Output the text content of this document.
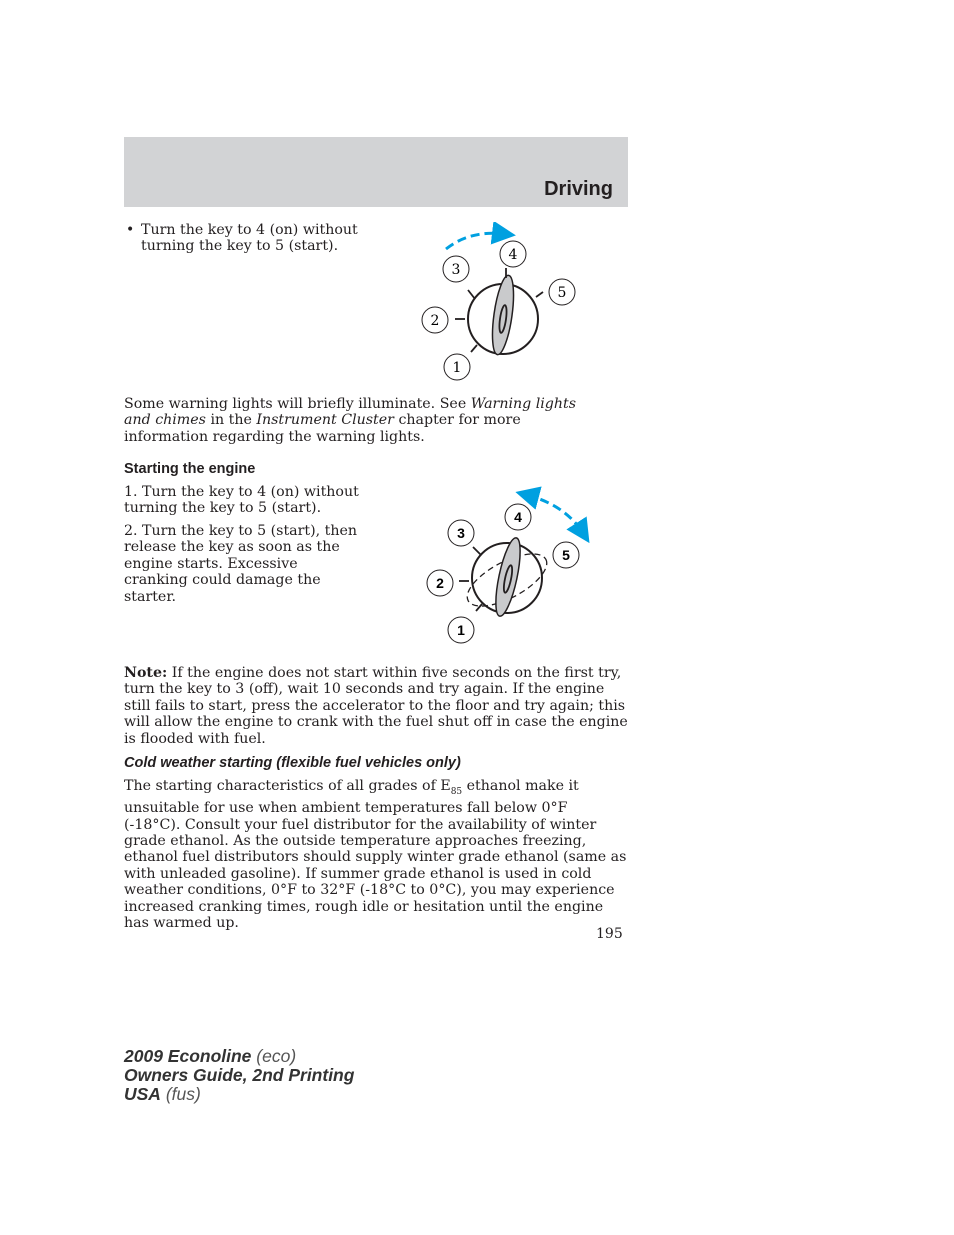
Driving
• Turn the key to 4 (on) without turning the key to 5 (start).
3
4
5
2
1

Some warning lights will briefly illuminate. See Warning lights and chimes in the Instrument Cluster chapter for more information regarding the warning lights.

Starting the engine

1. Turn the key to 4 (on) without turning the key to 5 (start).

2. Turn the key to 5 (start), then release the key as soon as the engine starts. Excessive cranking could damage the starter.

3
4
5
2
1

Note: If the engine does not start within five seconds on the first try, turn the key to 3 (off), wait 10 seconds and try again. If the engine still fails to start, press the accelerator to the floor and try again; this will allow the engine to crank with the fuel shut off in case the engine is flooded with fuel.

Cold weather starting (flexible fuel vehicles only)

The starting characteristics of all grades of $E_{85}$ ethanol make it unsuitable for use when ambient temperatures fall below 0°F (-18°C). Consult your fuel distributor for the availability of winter grade ethanol. As the outside temperature approaches freezing, ethanol fuel distributors should supply winter grade ethanol (same as with unleaded gasoline). If summer grade ethanol is used in cold weather conditions, 0°F to 32°F (-18°C to 0°C), you may experience increased cranking times, rough idle or hesitation until the engine has warmed up.

195
2009 Econoline (eco)
Owners Guide, 2nd Printing
USA (fus)
